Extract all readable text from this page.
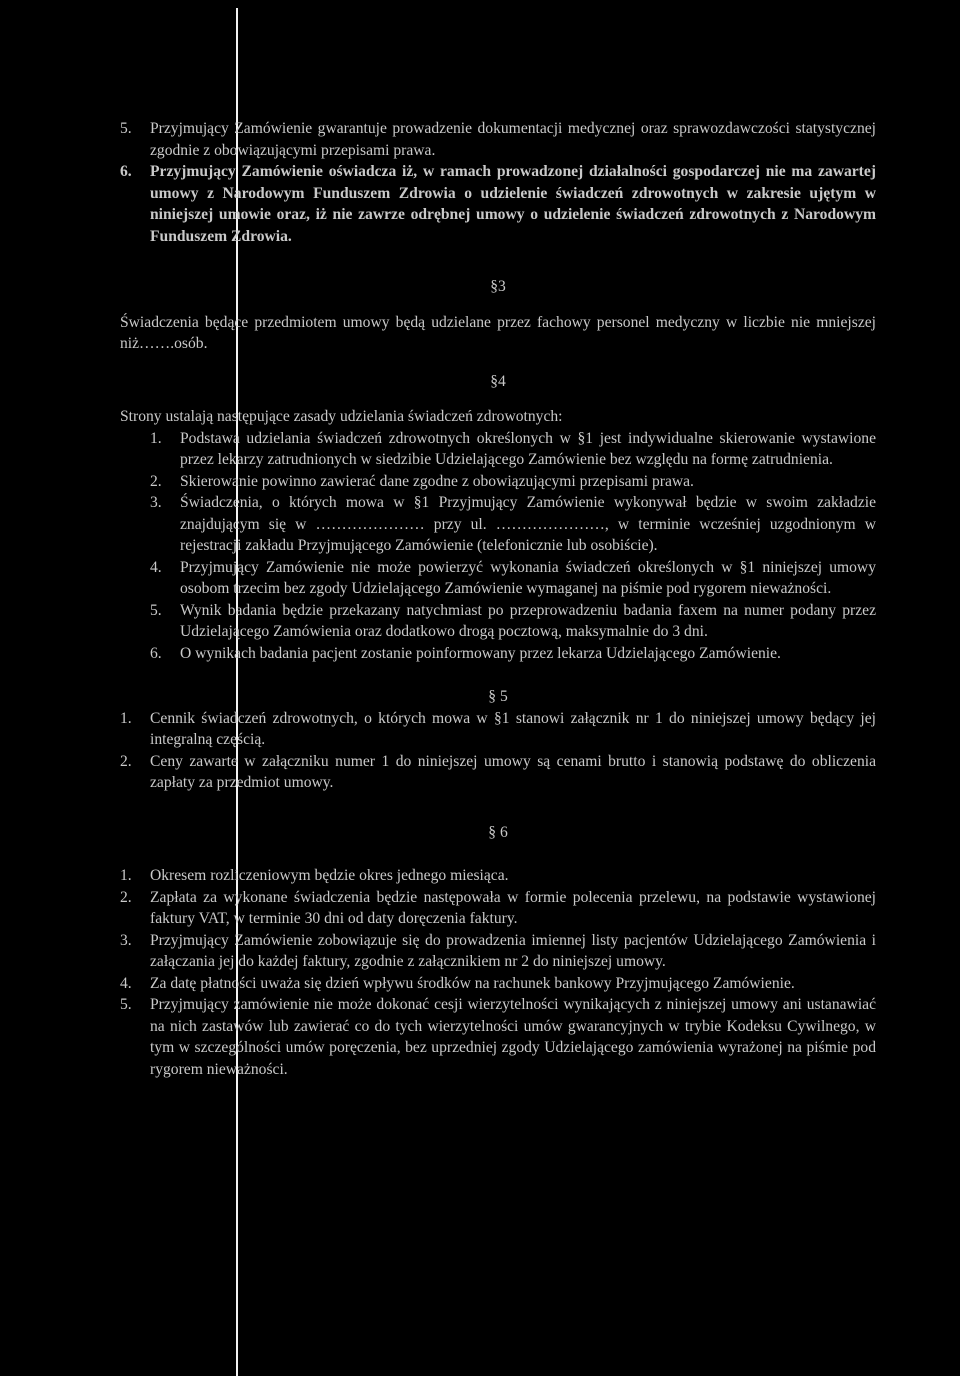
5. Przyjmujący Zamówienie gwarantuje prowadzenie dokumentacji medycznej oraz sprawozdawczości statystycznej zgodnie z obowiązującymi przepisami prawa.
6. Przyjmujący Zamówienie oświadcza iż, w ramach prowadzonej działalności gospodarczej nie ma zawartej umowy z Narodowym Funduszem Zdrowia o udzielenie świadczeń zdrowotnych w zakresie ujętym w niniejszej umowie oraz, iż nie zawrze odrębnej umowy o udzielenie świadczeń zdrowotnych z Narodowym Funduszem Zdrowia.
§3

Świadczenia będące przedmiotem umowy będą udzielane przez fachowy personel medyczny w liczbie nie mniejszej niż…….osób.

§4

Strony ustalają następujące zasady udzielania świadczeń zdrowotnych:

1. Podstawa udzielania świadczeń zdrowotnych określonych w §1 jest indywidualne skierowanie wystawione przez lekarzy zatrudnionych w siedzibie Udzielającego Zamówienie bez względu na formę zatrudnienia.
2. Skierowanie powinno zawierać dane zgodne z obowiązującymi przepisami prawa.
3. Świadczenia, o których mowa w §1 Przyjmujący Zamówienie wykonywał będzie w swoim zakładzie znajdującym się w ………………… przy ul. …………………, w terminie wcześniej uzgodnionym w rejestracji zakładu Przyjmującego Zamówienie (telefonicznie lub osobiście).
4. Przyjmujący Zamówienie nie może powierzyć wykonania świadczeń określonych w §1 niniejszej umowy osobom trzecim bez zgody Udzielającego Zamówienie wymaganej na piśmie pod rygorem nieważności.
5. Wynik badania będzie przekazany natychmiast po przeprowadzeniu badania faxem na numer podany przez Udzielającego Zamówienia oraz dodatkowo drogą pocztową, maksymalnie do 3 dni.
6. O wynikach badania pacjent zostanie poinformowany przez lekarza Udzielającego Zamówienie.
§ 5
1. Cennik świadczeń zdrowotnych, o których mowa w §1 stanowi załącznik nr 1 do niniejszej umowy będący jej integralną częścią.
2. Ceny zawarte w załączniku numer 1 do niniejszej umowy są cenami brutto i stanowią podstawę do obliczenia zapłaty za przedmiot umowy.
§ 6
1. Okresem rozliczeniowym będzie okres jednego miesiąca.
2. Zapłata za wykonane świadczenia będzie następowała w formie polecenia przelewu, na podstawie wystawionej faktury VAT, w terminie 30 dni od daty doręczenia faktury.
3. Przyjmujący Zamówienie zobowiązuje się do prowadzenia imiennej listy pacjentów Udzielającego Zamówienia i załączania jej do każdej faktury, zgodnie z załącznikiem nr 2 do niniejszej umowy.
4. Za datę płatności uważa się dzień wpływu środków na rachunek bankowy Przyjmującego Zamówienie.
5. Przyjmujący zamówienie nie może dokonać cesji wierzytelności wynikających z niniejszej umowy ani ustanawiać na nich zastawów lub zawierać co do tych wierzytelności umów gwarancyjnych w trybie Kodeksu Cywilnego, w tym w szczególności umów poręczenia, bez uprzedniej zgody Udzielającego zamówienia wyrażonej na piśmie pod rygorem nieważności.
